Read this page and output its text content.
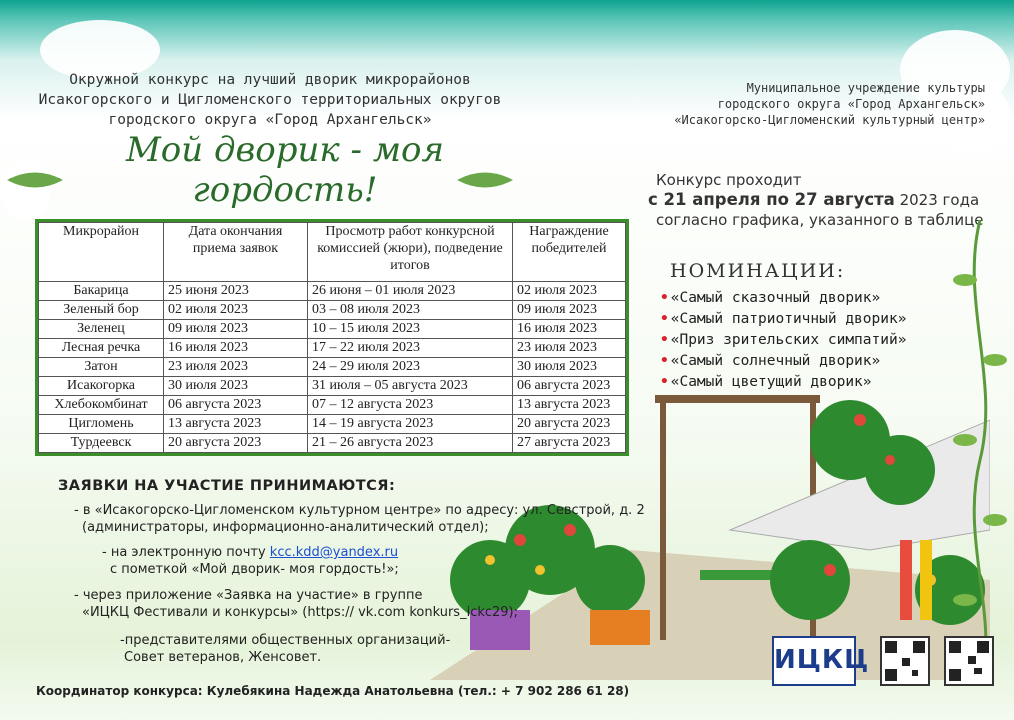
Окружной конкурс на лучший дворик микрорайонов
Исакогорского и Цигломенского территориальных округов
городского округа «Город Архангельск»
Муниципальное учреждение культуры
городского округа «Город Архангельск»
«Исакогорско-Цигломенский культурный центр»
Мой дворик - моя гордость!	Конкурс проходит
с 21 апреля по 27 августа 2023 года
согласно графика, указанного в таблице
Микрорайон	Дата окончания приема заявок	Просмотр работ конкурсной комиссией (жюри), подведение итогов	Награждение победителей
Бакарица	25 июня 2023	26 июня – 01 июля 2023	02 июля 2023
Зеленый бор	02 июля 2023	03 – 08 июля 2023	09 июля 2023
Зеленец	09 июля 2023	10 – 15 июля 2023	16 июля 2023
Лесная речка	16 июля 2023	17 – 22 июля 2023	23 июля 2023
Затон	23 июля 2023	24 – 29 июля 2023	30 июля 2023
Исакогорка	30 июля 2023	31 июля – 05 августа 2023	06 августа 2023
Хлебокомбинат	06 августа 2023	07 – 12 августа 2023	13 августа 2023
Цигломень	13 августа 2023	14 – 19 августа 2023	20 августа 2023
Турдеевск	20 августа 2023	21 – 26 августа 2023	27 августа 2023
НОМИНАЦИИ:
• «Самый сказочный дворик»
• «Самый патриотичный дворик»
• «Приз зрительских симпатий»
• «Самый солнечный дворик»
• «Самый цветущий дворик»
ЗАЯВКИ НА УЧАСТИЕ ПРИНИМАЮТСЯ:
- в «Исакогорско-Цигломенском культурном центре» по адресу: ул. Севстрой, д. 2
(администраторы, информационно-аналитический отдел);
- на электронную почту kcc.kdd@yandex.ru
с пометкой «Мой дворик- моя гордость!»;
- через приложение «Заявка на участие» в группе
«ИЦКЦ Фестивали и конкурсы» (https:// vk.com konkurs_ickc29);
-представителями общественных организаций-
Совет ветеранов, Женсовет.
Координатор конкурса: Кулебякина Надежда Анатольевна (тел.: + 7 902 286 61 28)
ИЦКЦ
